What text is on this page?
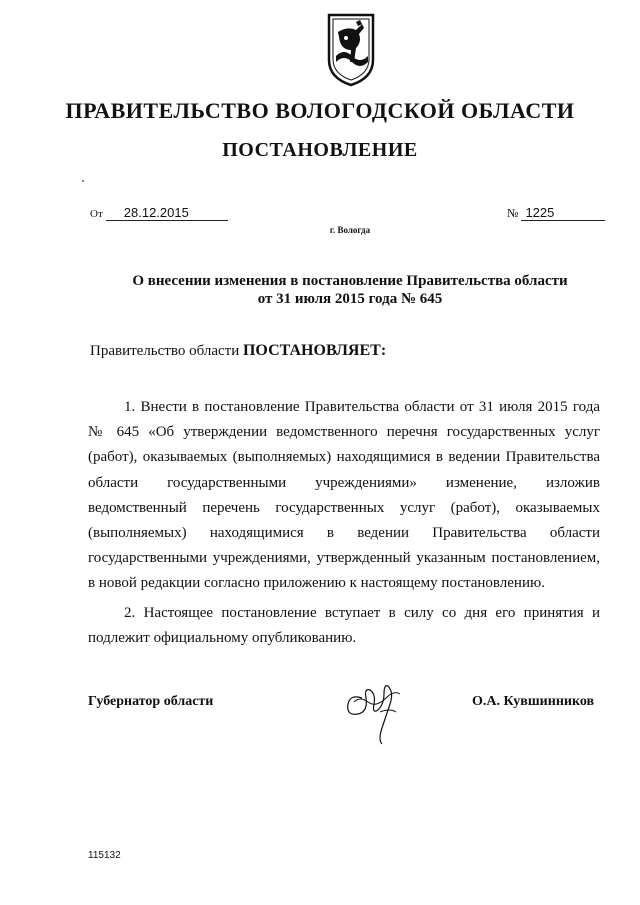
ПРАВИТЕЛЬСТВО ВОЛОГОДСКОЙ ОБЛАСТИ
ПОСТАНОВЛЕНИЕ
От 28.12.2015	№ 1225
г. Вологда
О внесении изменения в постановление Правительства области
от 31 июля 2015 года № 645
Правительство области ПОСТАНОВЛЯЕТ:

1. Внести в постановление Правительства области от 31 июля 2015 года № 645 «Об утверждении ведомственного перечня государственных услуг (работ), оказываемых (выполняемых) находящимися в ведении Правительства области государственными учреждениями» изменение, изложив ведомственный перечень государственных услуг (работ), оказываемых (выполняемых) находящимися в ведении Правительства области государственными учреждениями, утвержденный указанным постановлением, в новой редакции согласно приложению к настоящему постановлению.

2. Настоящее постановление вступает в силу со дня его принятия и подлежит официальному опубликованию.

Губернатор области	О.А. Кувшинников
115132
